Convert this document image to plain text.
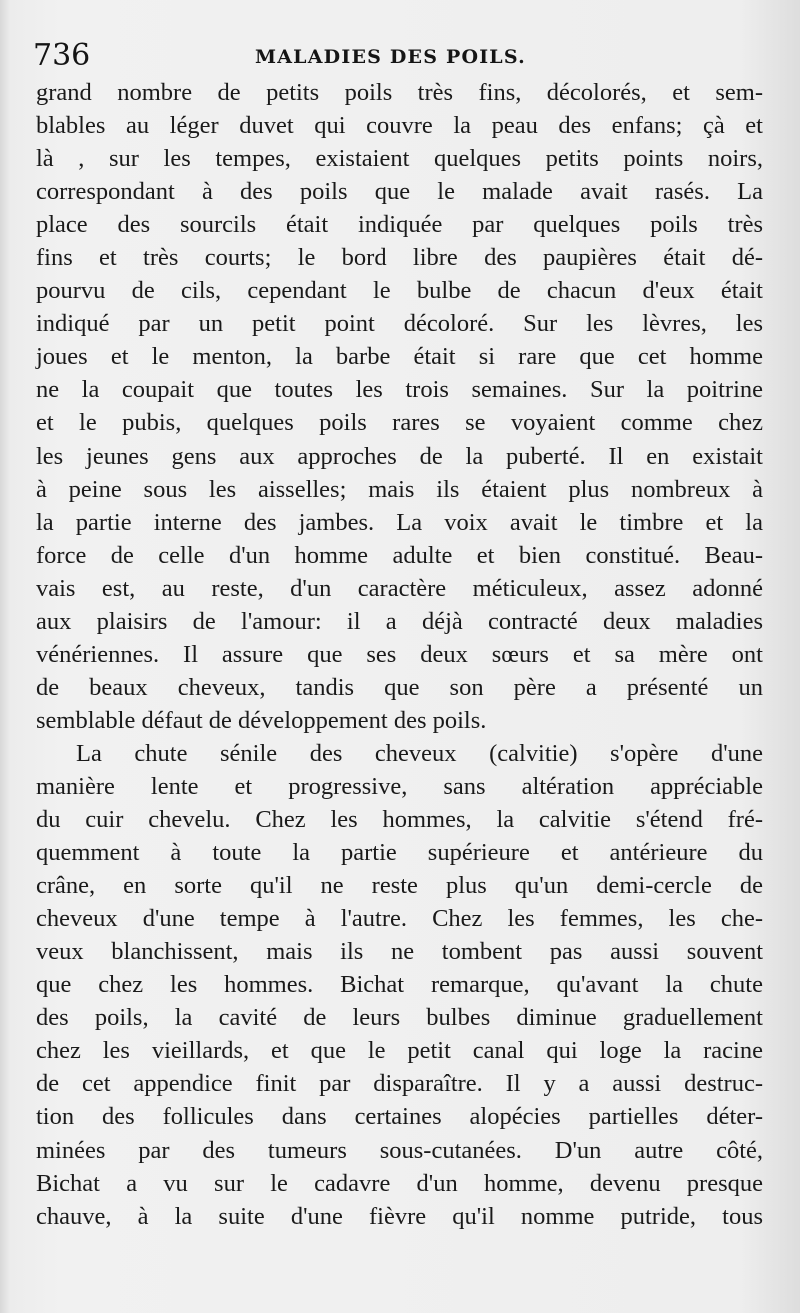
736	MALADIES DES POILS.
grand nombre de petits poils très fins, décolorés, et sem-
blables au léger duvet qui couvre la peau des enfans; çà et
là , sur les tempes, existaient quelques petits points noirs,
correspondant à des poils que le malade avait rasés. La
place des sourcils était indiquée par quelques poils très
fins et très courts; le bord libre des paupières était dé-
pourvu de cils, cependant le bulbe de chacun d'eux était
indiqué par un petit point décoloré. Sur les lèvres, les
joues et le menton, la barbe était si rare que cet homme
ne la coupait que toutes les trois semaines. Sur la poitrine
et le pubis, quelques poils rares se voyaient comme chez
les jeunes gens aux approches de la puberté. Il en existait
à peine sous les aisselles; mais ils étaient plus nombreux à
la partie interne des jambes. La voix avait le timbre et la
force de celle d'un homme adulte et bien constitué. Beau-
vais est, au reste, d'un caractère méticuleux, assez adonné
aux plaisirs de l'amour: il a déjà contracté deux maladies
vénériennes. Il assure que ses deux sœurs et sa mère ont
de beaux cheveux, tandis que son père a présenté un
semblable défaut de développement des poils.
La chute sénile des cheveux (calvitie) s'opère d'une
manière lente et progressive, sans altération appréciable
du cuir chevelu. Chez les hommes, la calvitie s'étend fré-
quemment à toute la partie supérieure et antérieure du
crâne, en sorte qu'il ne reste plus qu'un demi-cercle de
cheveux d'une tempe à l'autre. Chez les femmes, les che-
veux blanchissent, mais ils ne tombent pas aussi souvent
que chez les hommes. Bichat remarque, qu'avant la chute
des poils, la cavité de leurs bulbes diminue graduellement
chez les vieillards, et que le petit canal qui loge la racine
de cet appendice finit par disparaître. Il y a aussi destruc-
tion des follicules dans certaines alopécies partielles déter-
minées par des tumeurs sous-cutanées. D'un autre côté,
Bichat a vu sur le cadavre d'un homme, devenu presque
chauve, à la suite d'une fièvre qu'il nomme putride, tous
